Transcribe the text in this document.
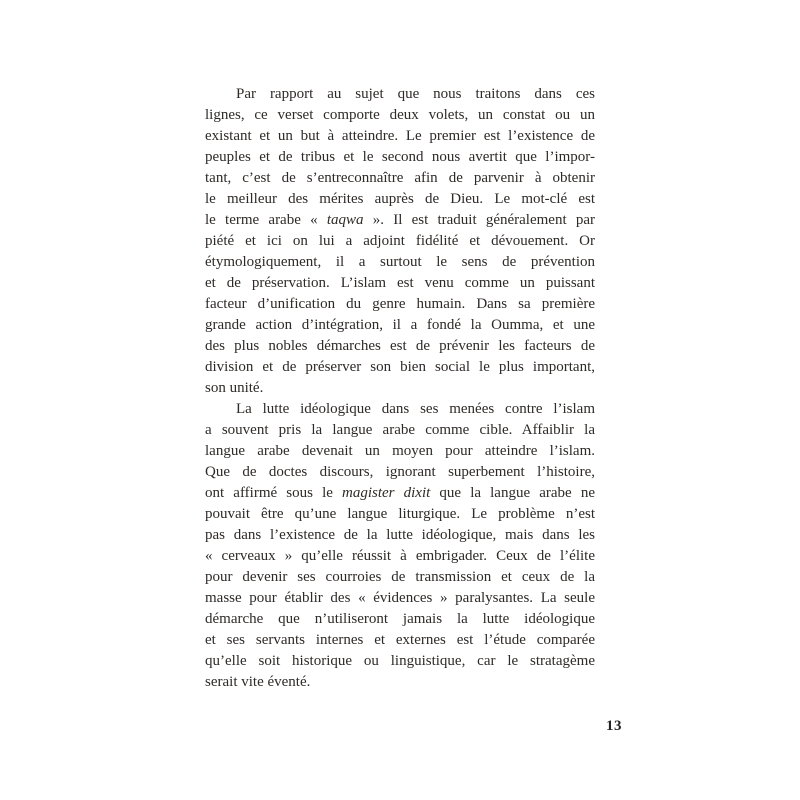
Par rapport au sujet que nous traitons dans ces
lignes, ce verset comporte deux volets, un constat ou un
existant et un but à atteindre. Le premier est l’existence de
peuples et de tribus et le second nous avertit que l’impor-
tant, c’est de s’entreconnaître afin de parvenir à obtenir
le meilleur des mérites auprès de Dieu. Le mot-clé est
le terme arabe « taqwa ». Il est traduit généralement par
piété et ici on lui a adjoint fidélité et dévouement. Or
étymologiquement, il a surtout le sens de prévention
et de préservation. L’islam est venu comme un puissant
facteur d’unification du genre humain. Dans sa première
grande action d’intégration, il a fondé la Oumma, et une
des plus nobles démarches est de prévenir les facteurs de
division et de préserver son bien social le plus important,
son unité.
La lutte idéologique dans ses menées contre l’islam
a souvent pris la langue arabe comme cible. Affaiblir la
langue arabe devenait un moyen pour atteindre l’islam.
Que de doctes discours, ignorant superbement l’histoire,
ont affirmé sous le magister dixit que la langue arabe ne
pouvait être qu’une langue liturgique. Le problème n’est
pas dans l’existence de la lutte idéologique, mais dans les
« cerveaux » qu’elle réussit à embrigader. Ceux de l’élite
pour devenir ses courroies de transmission et ceux de la
masse pour établir des « évidences » paralysantes. La seule
démarche que n’utiliseront jamais la lutte idéologique
et ses servants internes et externes est l’étude comparée
qu’elle soit historique ou linguistique, car le stratagème
serait vite éventé.
13
